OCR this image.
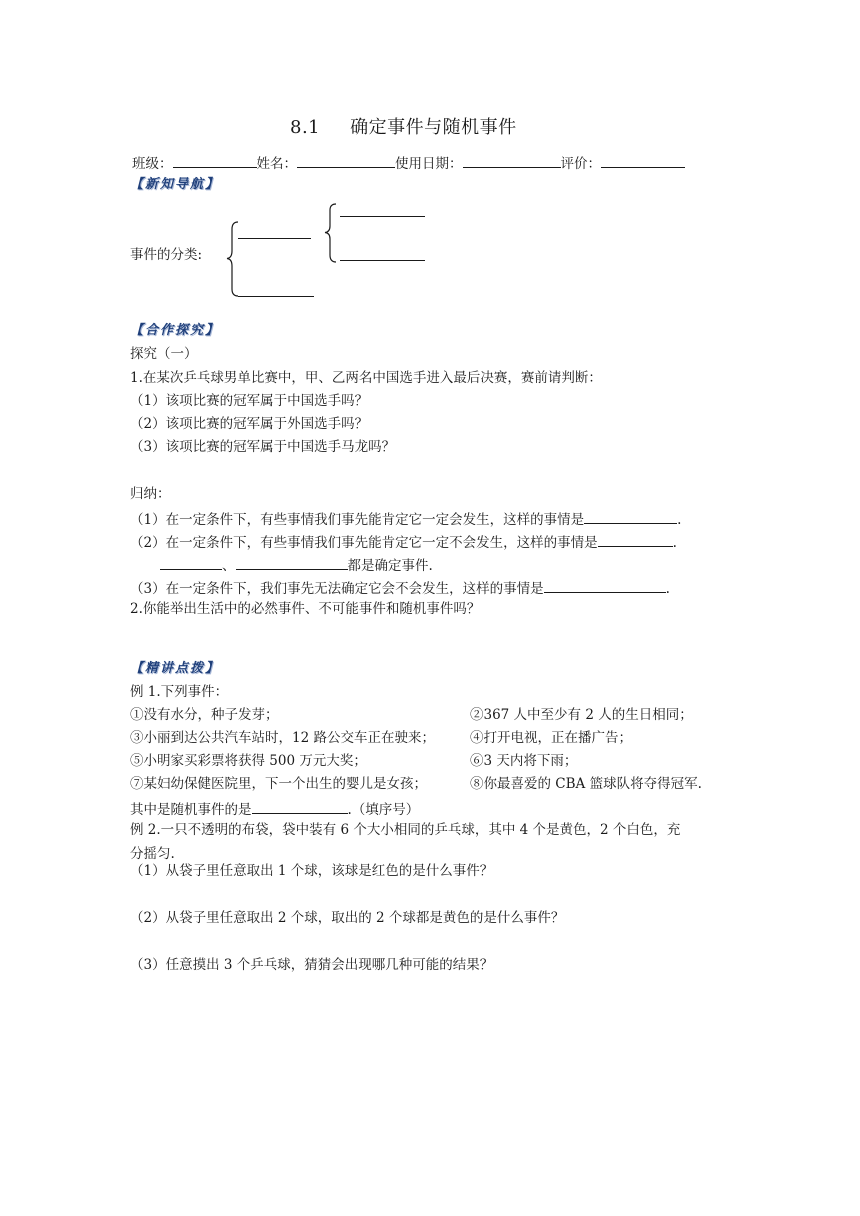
8.1 确定事件与随机事件
班级：	姓名：	使用日期：	评价：
【新知导航】
事件的分类:
【合作探究】
探究（一）
1.在某次乒乓球男单比赛中，甲、乙两名中国选手进入最后决赛，赛前请判断：
（1）该项比赛的冠军属于中国选手吗？
（2）该项比赛的冠军属于外国选手吗？
（3）该项比赛的冠军属于中国选手马龙吗？
归纳：
（1）在一定条件下，有些事情我们事先能肯定它一定会发生，这样的事情是	.
（2）在一定条件下，有些事情我们事先能肯定它一定不会发生，这样的事情是	.
、	都是确定事件.
（3）在一定条件下，我们事先无法确定它会不会发生，这样的事情是	.
2.你能举出生活中的必然事件、不可能事件和随机事件吗？
【精讲点拨】
例 1.下列事件：
①没有水分，种子发芽；	②367 人中至少有 2 人的生日相同；
③小丽到达公共汽车站时，12 路公交车正在驶来；	④打开电视，正在播广告；
⑤小明家买彩票将获得 500 万元大奖；	⑥3 天内将下雨；
⑦某妇幼保健医院里，下一个出生的婴儿是女孩；	⑧你最喜爱的 CBA 篮球队将夺得冠军.
其中是随机事件的是	.（填序号）
例 2.一只不透明的布袋，袋中装有 6 个大小相同的乒乓球，其中 4 个是黄色，2 个白色，充
分摇匀.
（1）从袋子里任意取出 1 个球，该球是红色的是什么事件？
（2）从袋子里任意取出 2 个球，取出的 2 个球都是黄色的是什么事件？
（3）任意摸出 3 个乒乓球，猜猜会出现哪几种可能的结果？
